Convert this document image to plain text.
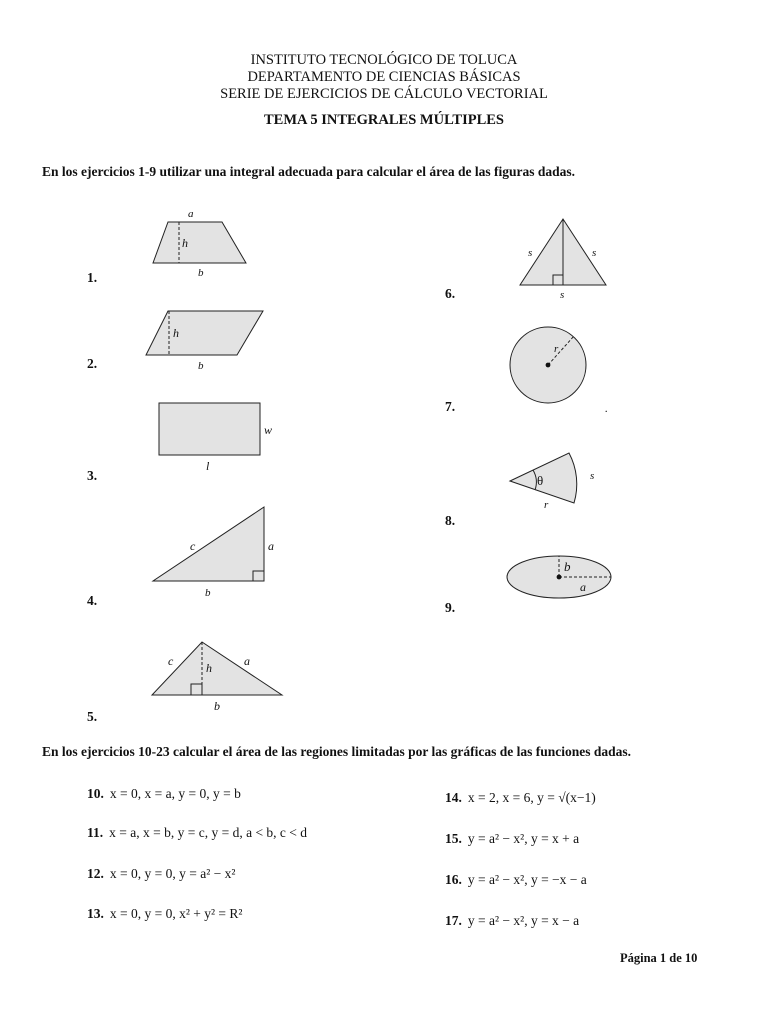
INSTITUTO TECNOLÓGICO DE TOLUCA
DEPARTAMENTO DE CIENCIAS BÁSICAS
SERIE DE EJERCICIOS DE CÁLCULO VECTORIAL
TEMA 5 INTEGRALES MÚLTIPLES
En los ejercicios 1-9 utilizar una integral adecuada para calcular el área de las figuras dadas.
1.
2.
3.
4.
5.
6.
7.
8.
9.
a
h
b
h
b
w
l
c	a
b
c	h	a
b
s	s
s
r
.
θ	s
r
b
a
En los ejercicios 10-23 calcular el área de las regiones limitadas por las gráficas de las funciones dadas.
10. x = 0, x = a, y = 0, y = b
11. x = a, x = b, y = c, y = d, a < b, c < d
12. x = 0, y = 0, y = a² − x²
13. x = 0, y = 0, x² + y² = R²
14. x = 2, x = 6, y = √(x−1)
15. y = a² − x², y = x + a
16. y = a² − x², y = −x − a
17. y = a² − x², y = x − a
Página 1 de 10
